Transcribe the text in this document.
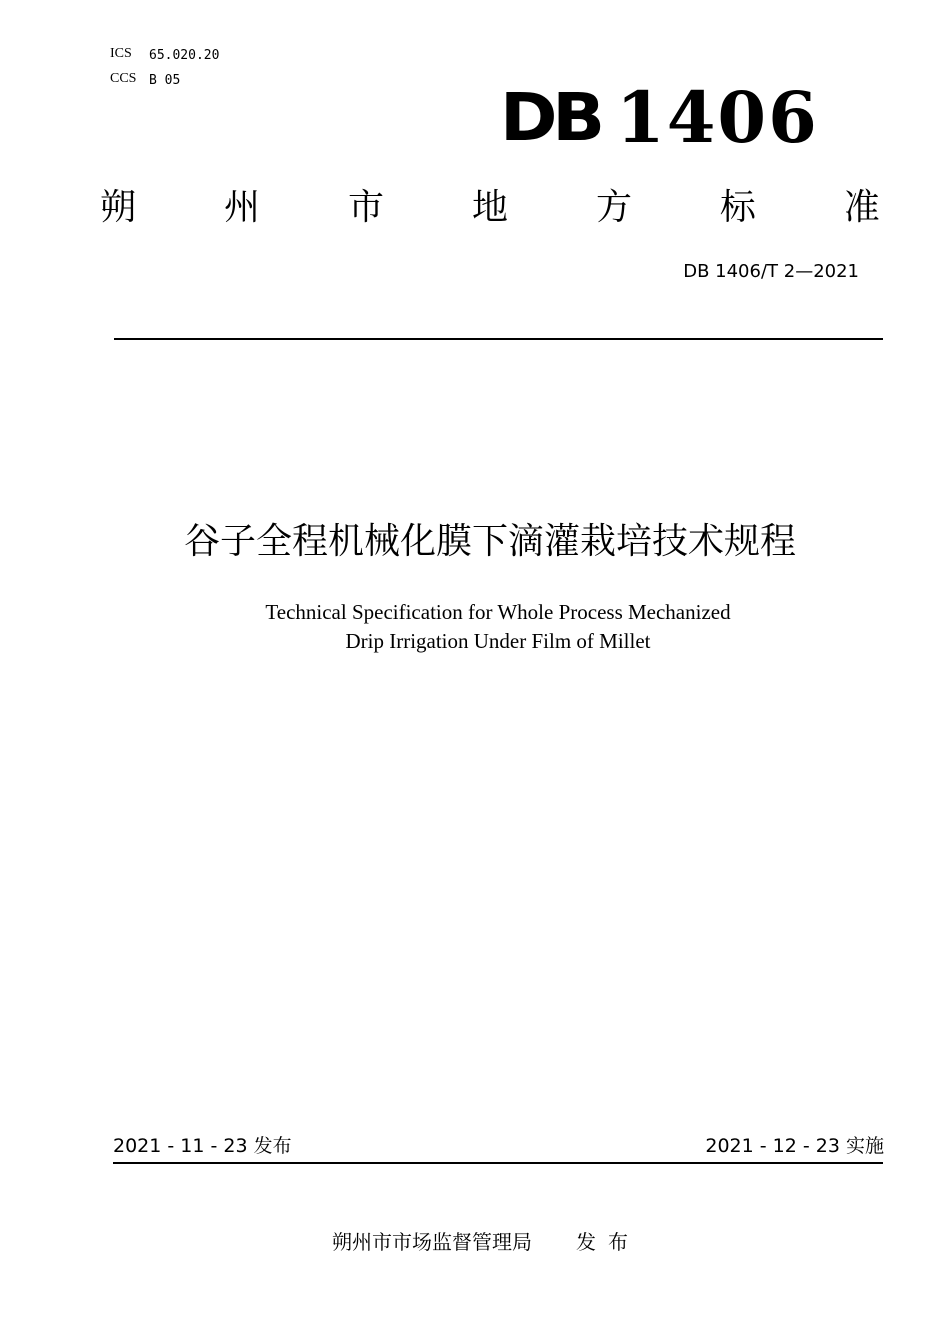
ICS 65.020.20
CCS B 05	DB 1406
朔 州 市 地 方 标 准
DB 1406/T 2—2021
谷子全程机械化膜下滴灌栽培技术规程
Technical Specification for Whole Process Mechanized
Drip Irrigation Under Film of Millet
2021 - 11 - 23 发布	2021 - 12 - 23 实施
朔州市市场监督管理局 发布
